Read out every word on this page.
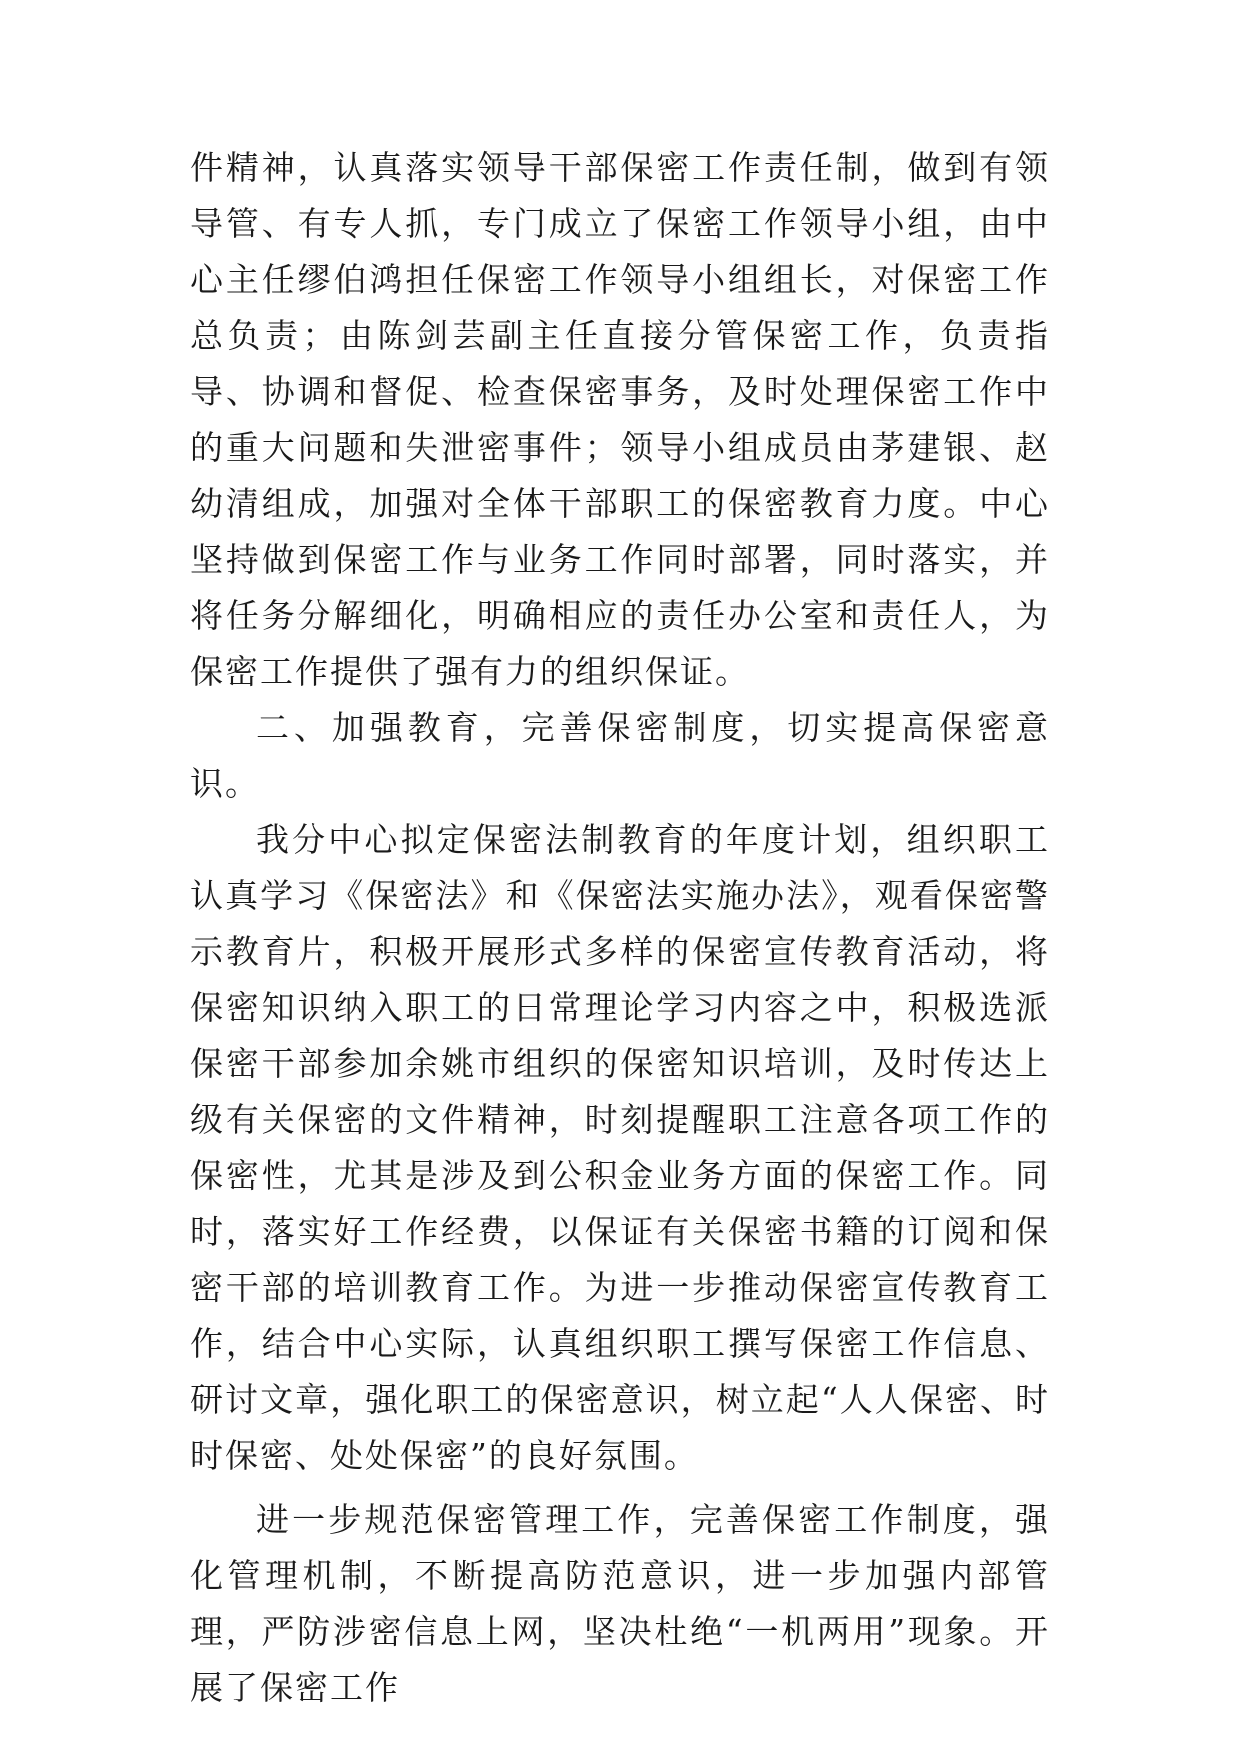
件精神，认真落实领导干部保密工作责任制，做到有领导管、有专人抓，专门成立了保密工作领导小组，由中心主任缪伯鸿担任保密工作领导小组组长，对保密工作总负责；由陈剑芸副主任直接分管保密工作，负责指导、协调和督促、检查保密事务，及时处理保密工作中的重大问题和失泄密事件；领导小组成员由茅建银、赵幼清组成，加强对全体干部职工的保密教育力度。中心坚持做到保密工作与业务工作同时部署，同时落实，并将任务分解细化，明确相应的责任办公室和责任人，为保密工作提供了强有力的组织保证。

二、加强教育，完善保密制度，切实提高保密意识。

我分中心拟定保密法制教育的年度计划，组织职工认真学习《保密法》和《保密法实施办法》，观看保密警示教育片，积极开展形式多样的保密宣传教育活动，将保密知识纳入职工的日常理论学习内容之中，积极选派保密干部参加余姚市组织的保密知识培训，及时传达上级有关保密的文件精神，时刻提醒职工注意各项工作的保密性，尤其是涉及到公积金业务方面的保密工作。同时，落实好工作经费，以保证有关保密书籍的订阅和保密干部的培训教育工作。为进一步推动保密宣传教育工作，结合中心实际，认真组织职工撰写保密工作信息、研讨文章，强化职工的保密意识，树立起“人人保密、时时保密、处处保密”的良好氛围。

进一步规范保密管理工作，完善保密工作制度，强化管理机制，不断提高防范意识，进一步加强内部管理，严防涉密信息上网，坚决杜绝“一机两用”现象。开展了保密工作
